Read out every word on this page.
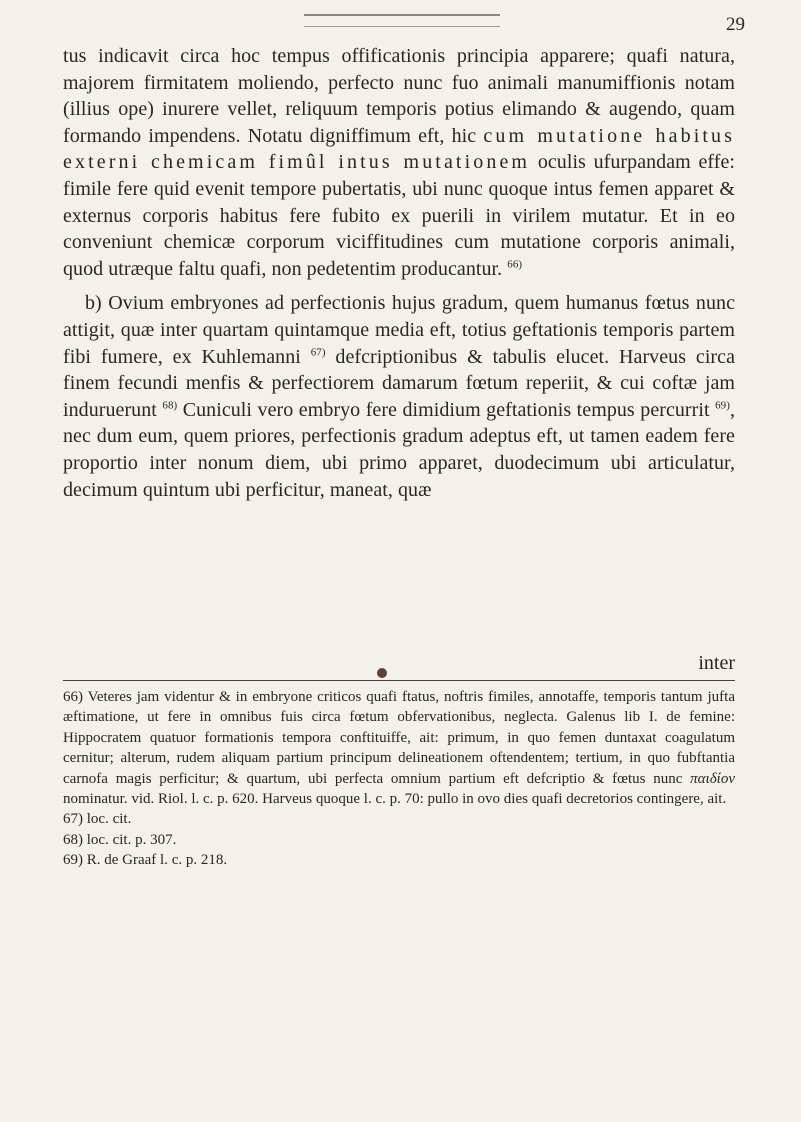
29

tus indicavit circa hoc tempus offificationis principia apparere; quafi natura, majorem firmitatem moliendo, perfecto nunc fuo animali manumiffionis notam (illius ope) inurere vellet, reliquum temporis potius elimando & augendo, quam formando impendens. Notatu digniffimum eft, hic cum mutatione habitus externi chemicam fimûl intus mutationem oculis ufurpandam effe: fimile fere quid evenit tempore pubertatis, ubi nunc quoque intus femen apparet & externus corporis habitus fere fubito ex puerili in virilem mutatur. Et in eo conveniunt chemicæ corporum viciffitudines cum mutatione corporis animali, quod utræque faltu quafi, non pedetentim producantur. $^{66)}$

b) Ovium embryones ad perfectionis hujus gradum, quem humanus fœtus nunc attigit, quæ inter quartam quintamque media eft, totius geftationis temporis partem fibi fumere, ex Kuhlemanni $^{67)}$ defcriptionibus & tabulis elucet. Harveus circa finem fecundi menfis & perfectiorem damarum fœtum reperiit, & cui coftæ jam induruerunt $^{68)}$ Cuniculi vero embryo fere dimidium geftationis tempus percurrit $^{69)}$, nec dum eum, quem priores, perfectionis gradum adeptus eft, ut tamen eadem fere proportio inter nonum diem, ubi primo apparet, duodecimum ubi articulatur, decimum quintum ubi perficitur, maneat, quæ

inter

66) Veteres jam videntur & in embryone criticos quafi ftatus, noftris fimiles, annotaffe, temporis tantum jufta æftimatione, ut fere in omnibus fuis circa fœtum obfervationibus, neglecta. Galenus lib I. de femine: Hippocratem quatuor formationis tempora conftituiffe, ait: primum, in quo femen duntaxat coagulatum cernitur; alterum, rudem aliquam partium principum delineationem oftendentem; tertium, in quo fubftantia carnofa magis perficitur; & quartum, ubi perfecta omnium partium eft defcriptio & fœtus nunc παιδίον nominatur. vid. Riol. l. c. p. 620. Harveus quoque l. c. p. 70: pullo in ovo dies quafi decretorios contingere, ait.

67) loc. cit.

68) loc. cit. p. 307.

69) R. de Graaf l. c. p. 218.
